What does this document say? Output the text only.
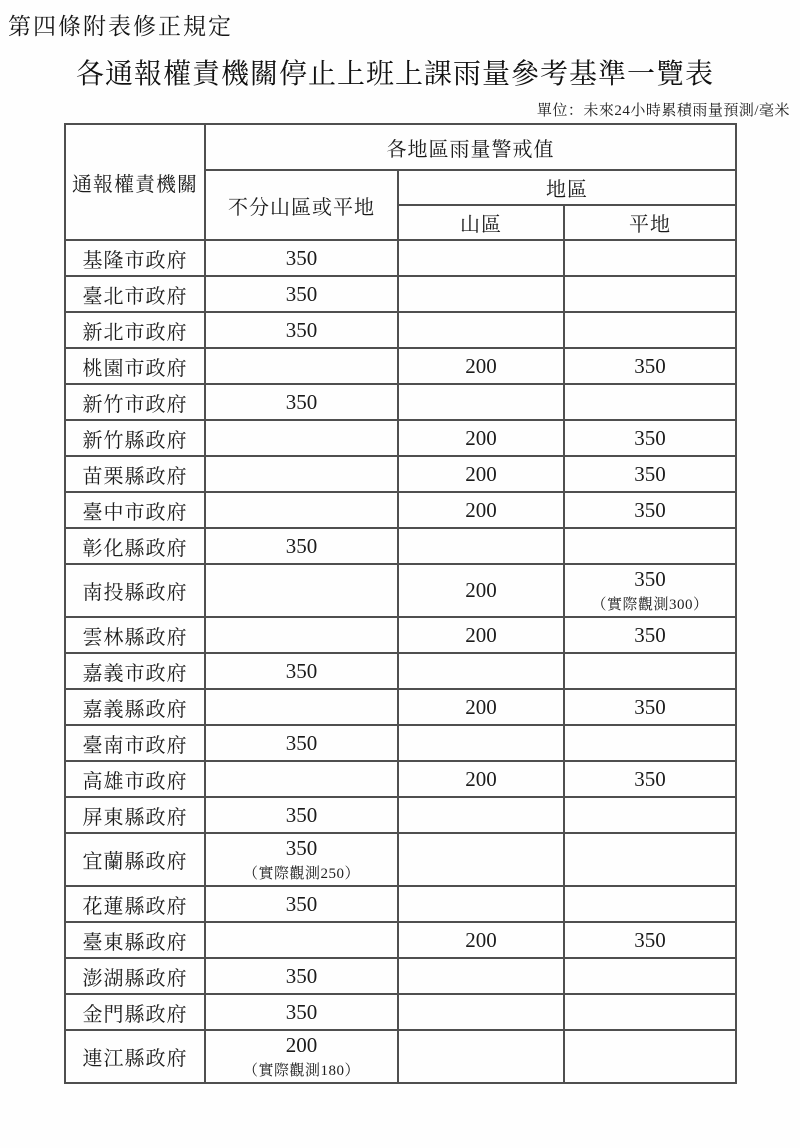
第四條附表修正規定
各通報權責機關停止上班上課雨量參考基準一覽表
單位：未來24小時累積雨量預測/毫米
通報權責機關	各地區雨量警戒值		
	不分山區或平地	地區	
		山區	平地
基隆市政府	350		
臺北市政府	350		
新北市政府	350		
桃園市政府		200	350
新竹市政府	350		
新竹縣政府		200	350
苗栗縣政府		200	350
臺中市政府		200	350
彰化縣政府	350		
南投縣政府		200	350
（實際觀測300）

雲林縣政府		200	350
嘉義市政府	350		
嘉義縣政府		200	350
臺南市政府	350		
高雄市政府		200	350
屏東縣政府	350		
宜蘭縣政府	350
（實際觀測250）		

花蓮縣政府	350		
臺東縣政府		200	350
澎湖縣政府	350		
金門縣政府	350		
連江縣政府	200
（實際觀測180）		
